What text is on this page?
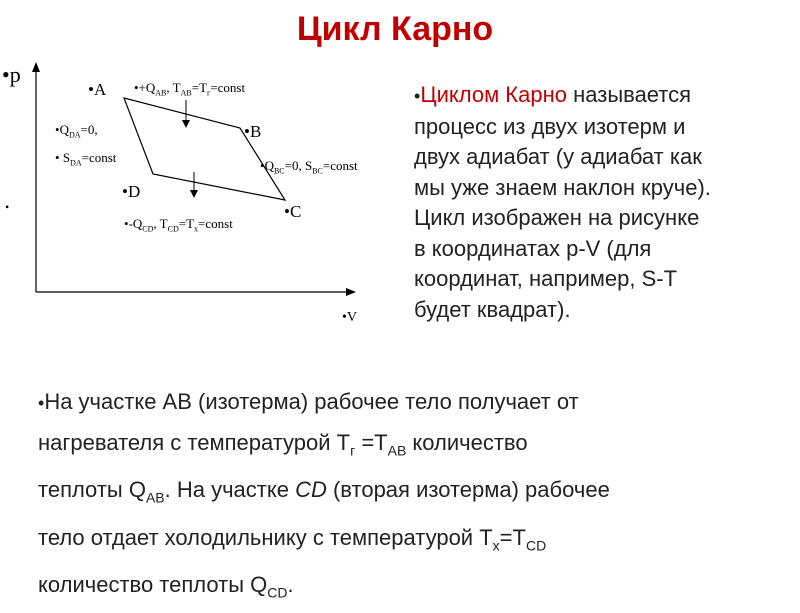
Цикл Карно
•p
•
•V
•A
•B
•C
•D
$•+Q_{AB}$, $T_{AB}=T_г=const$
$•Q_{DA}=0$,
• $S_{DA}=const$
$•Q_{BC}=0$, $S_{BC}=const$
$•-Q_{CD}$, $T_{CD}=T_х=const$
•Циклом Карно называется
процесс из двух изотерм и
двух адиабат (у адиабат как
мы уже знаем наклон круче).
Цикл изображен на рисунке
в координатах p-V (для
координат, например, S-T
будет квадрат).
•На участке AB (изотерма) рабочее тело получает от
нагревателя с температурой $T_г =T_{AB}$ количество
теплоты $Q_{AB}$. На участке CD (вторая изотерма) рабочее
тело отдает холодильнику с температурой $T_х=T_{CD}$
количество теплоты $Q_{CD}$.
